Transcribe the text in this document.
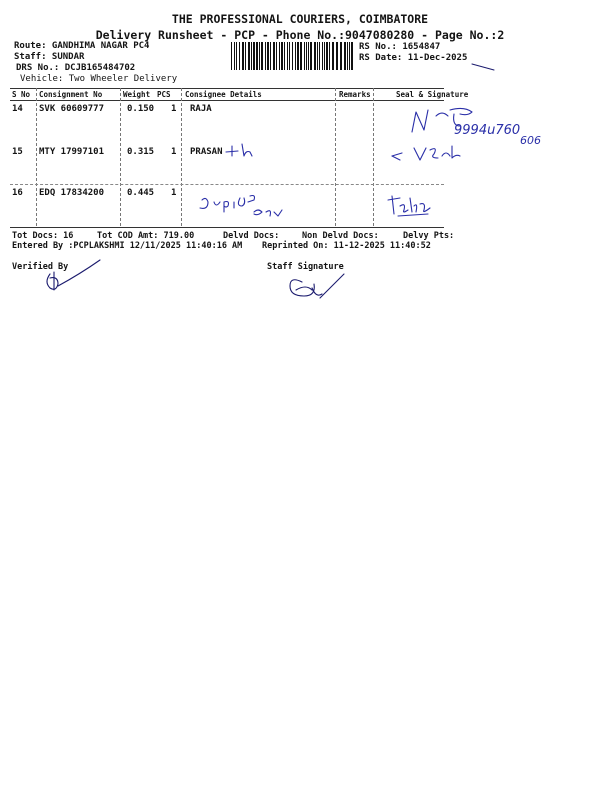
THE PROFESSIONAL COURIERS, COIMBATORE
Delivery Runsheet - PCP - Phone No.:9047080280 - Page No.:2
Route: GANDHIMA NAGAR PC4
Staff: SUNDAR
DRS No.: DCJB165484702
Vehicle: Two Wheeler Delivery
RS No.: 1654847
RS Date: 11-Dec-2025
S No Consignment No	Weight PCS Consignee Details	Remarks	Seal & Signature
14 SVK 60609777	0.150 1 RAJA
15 MTY 17997101	0.315 1 PRASAN
16 EDQ 17834200	0.445 1
9994u760
606
Tot Docs: 16	Tot COD Amt: 719.00	Delvd Docs:	Non Delvd Docs:	Delvy Pts:
Entered By :PCPLAKSHMI 12/11/2025 11:40:16 AM Reprinted On: 11-12-2025 11:40:52
Verified By	Staff Signature
